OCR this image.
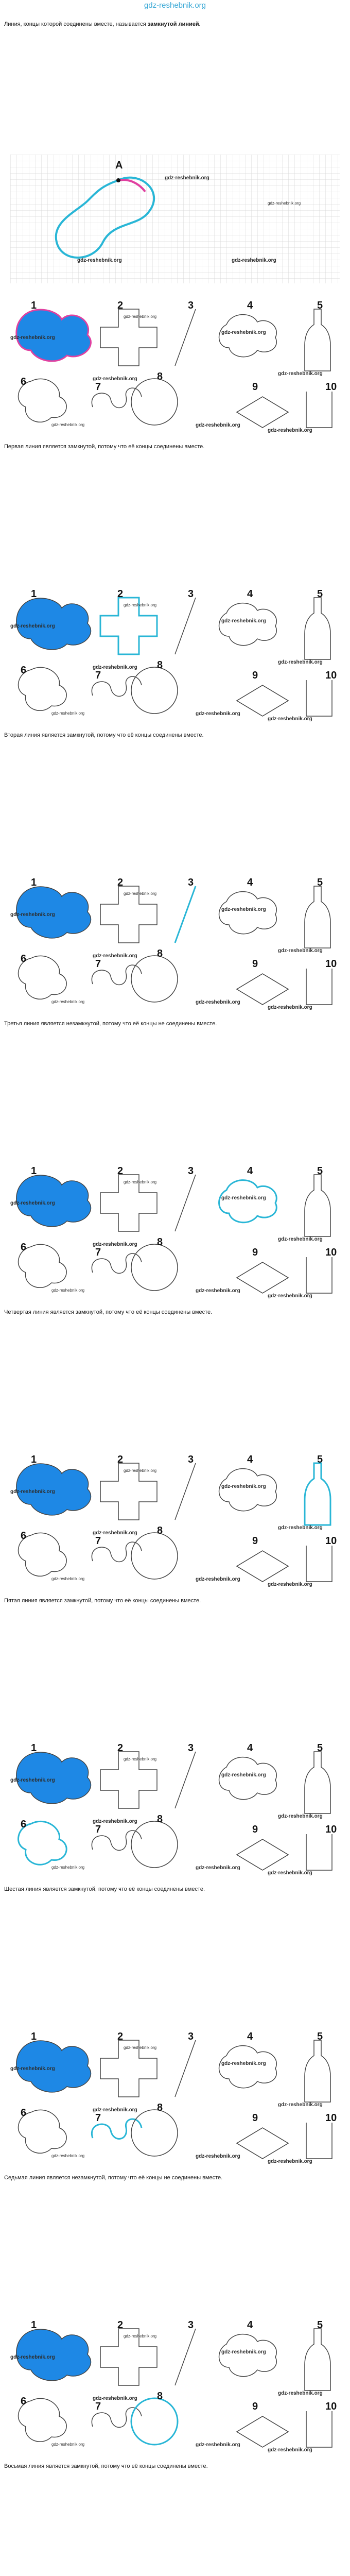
gdz-reshebnik.org
Линия, концы которой соединены вместе, называется замкнутой линией.
А
gdz-reshebnik.org
gdz-reshebnik.org
gdz-reshebnik.org	gdz-reshebnik.org
1	2	3	4	5
6	7
8
9	10
gdz-reshebnik.org
gdz-reshebnik.org
gdz-reshebnik.org
gdz-reshebnik.org
gdz-reshebnik.org
gdz-reshebnik.org	gdz-reshebnik.org
gdz-reshebnik.org
Первая линия является замкнутой, потому что её концы соединены вместе.
1	2	3	4	5
6	7
8
9	10
gdz-reshebnik.org
gdz-reshebnik.org
gdz-reshebnik.org
gdz-reshebnik.org
gdz-reshebnik.org
gdz-reshebnik.org	gdz-reshebnik.org
gdz-reshebnik.org
Вторая линия является замкнутой, потому что её концы соединены вместе.
1	2	3	4	5
6	7
8
9	10
gdz-reshebnik.org
gdz-reshebnik.org
gdz-reshebnik.org
gdz-reshebnik.org
gdz-reshebnik.org
gdz-reshebnik.org	gdz-reshebnik.org
gdz-reshebnik.org
Третья линия является незамкнутой, потому что её концы не соединены вместе.
1	2	3	4	5
6	7
8
9	10
gdz-reshebnik.org
gdz-reshebnik.org
gdz-reshebnik.org
gdz-reshebnik.org
gdz-reshebnik.org
gdz-reshebnik.org	gdz-reshebnik.org
gdz-reshebnik.org
Четвертая линия является замкнутой, потому что её концы соединены вместе.
1	2	3	4	5
6	7
8
9	10
gdz-reshebnik.org
gdz-reshebnik.org
gdz-reshebnik.org
gdz-reshebnik.org
gdz-reshebnik.org
gdz-reshebnik.org	gdz-reshebnik.org
gdz-reshebnik.org
Пятая линия является замкнутой, потому что её концы соединены вместе.
1	2	3	4	5
6	7
8
9	10
gdz-reshebnik.org
gdz-reshebnik.org
gdz-reshebnik.org
gdz-reshebnik.org
gdz-reshebnik.org
gdz-reshebnik.org	gdz-reshebnik.org
gdz-reshebnik.org
Шестая линия является замкнутой, потому что её концы соединены вместе.
1	2	3	4	5
6	7
8
9	10
gdz-reshebnik.org
gdz-reshebnik.org
gdz-reshebnik.org
gdz-reshebnik.org
gdz-reshebnik.org
gdz-reshebnik.org	gdz-reshebnik.org
gdz-reshebnik.org
Седьмая линия является незамкнутой, потому что её концы не соединены вместе.
1	2	3	4	5
6	7
8
9	10
gdz-reshebnik.org
gdz-reshebnik.org
gdz-reshebnik.org
gdz-reshebnik.org
gdz-reshebnik.org
gdz-reshebnik.org	gdz-reshebnik.org
gdz-reshebnik.org
Восьмая линия является замкнутой, потому что её концы соединены вместе.
